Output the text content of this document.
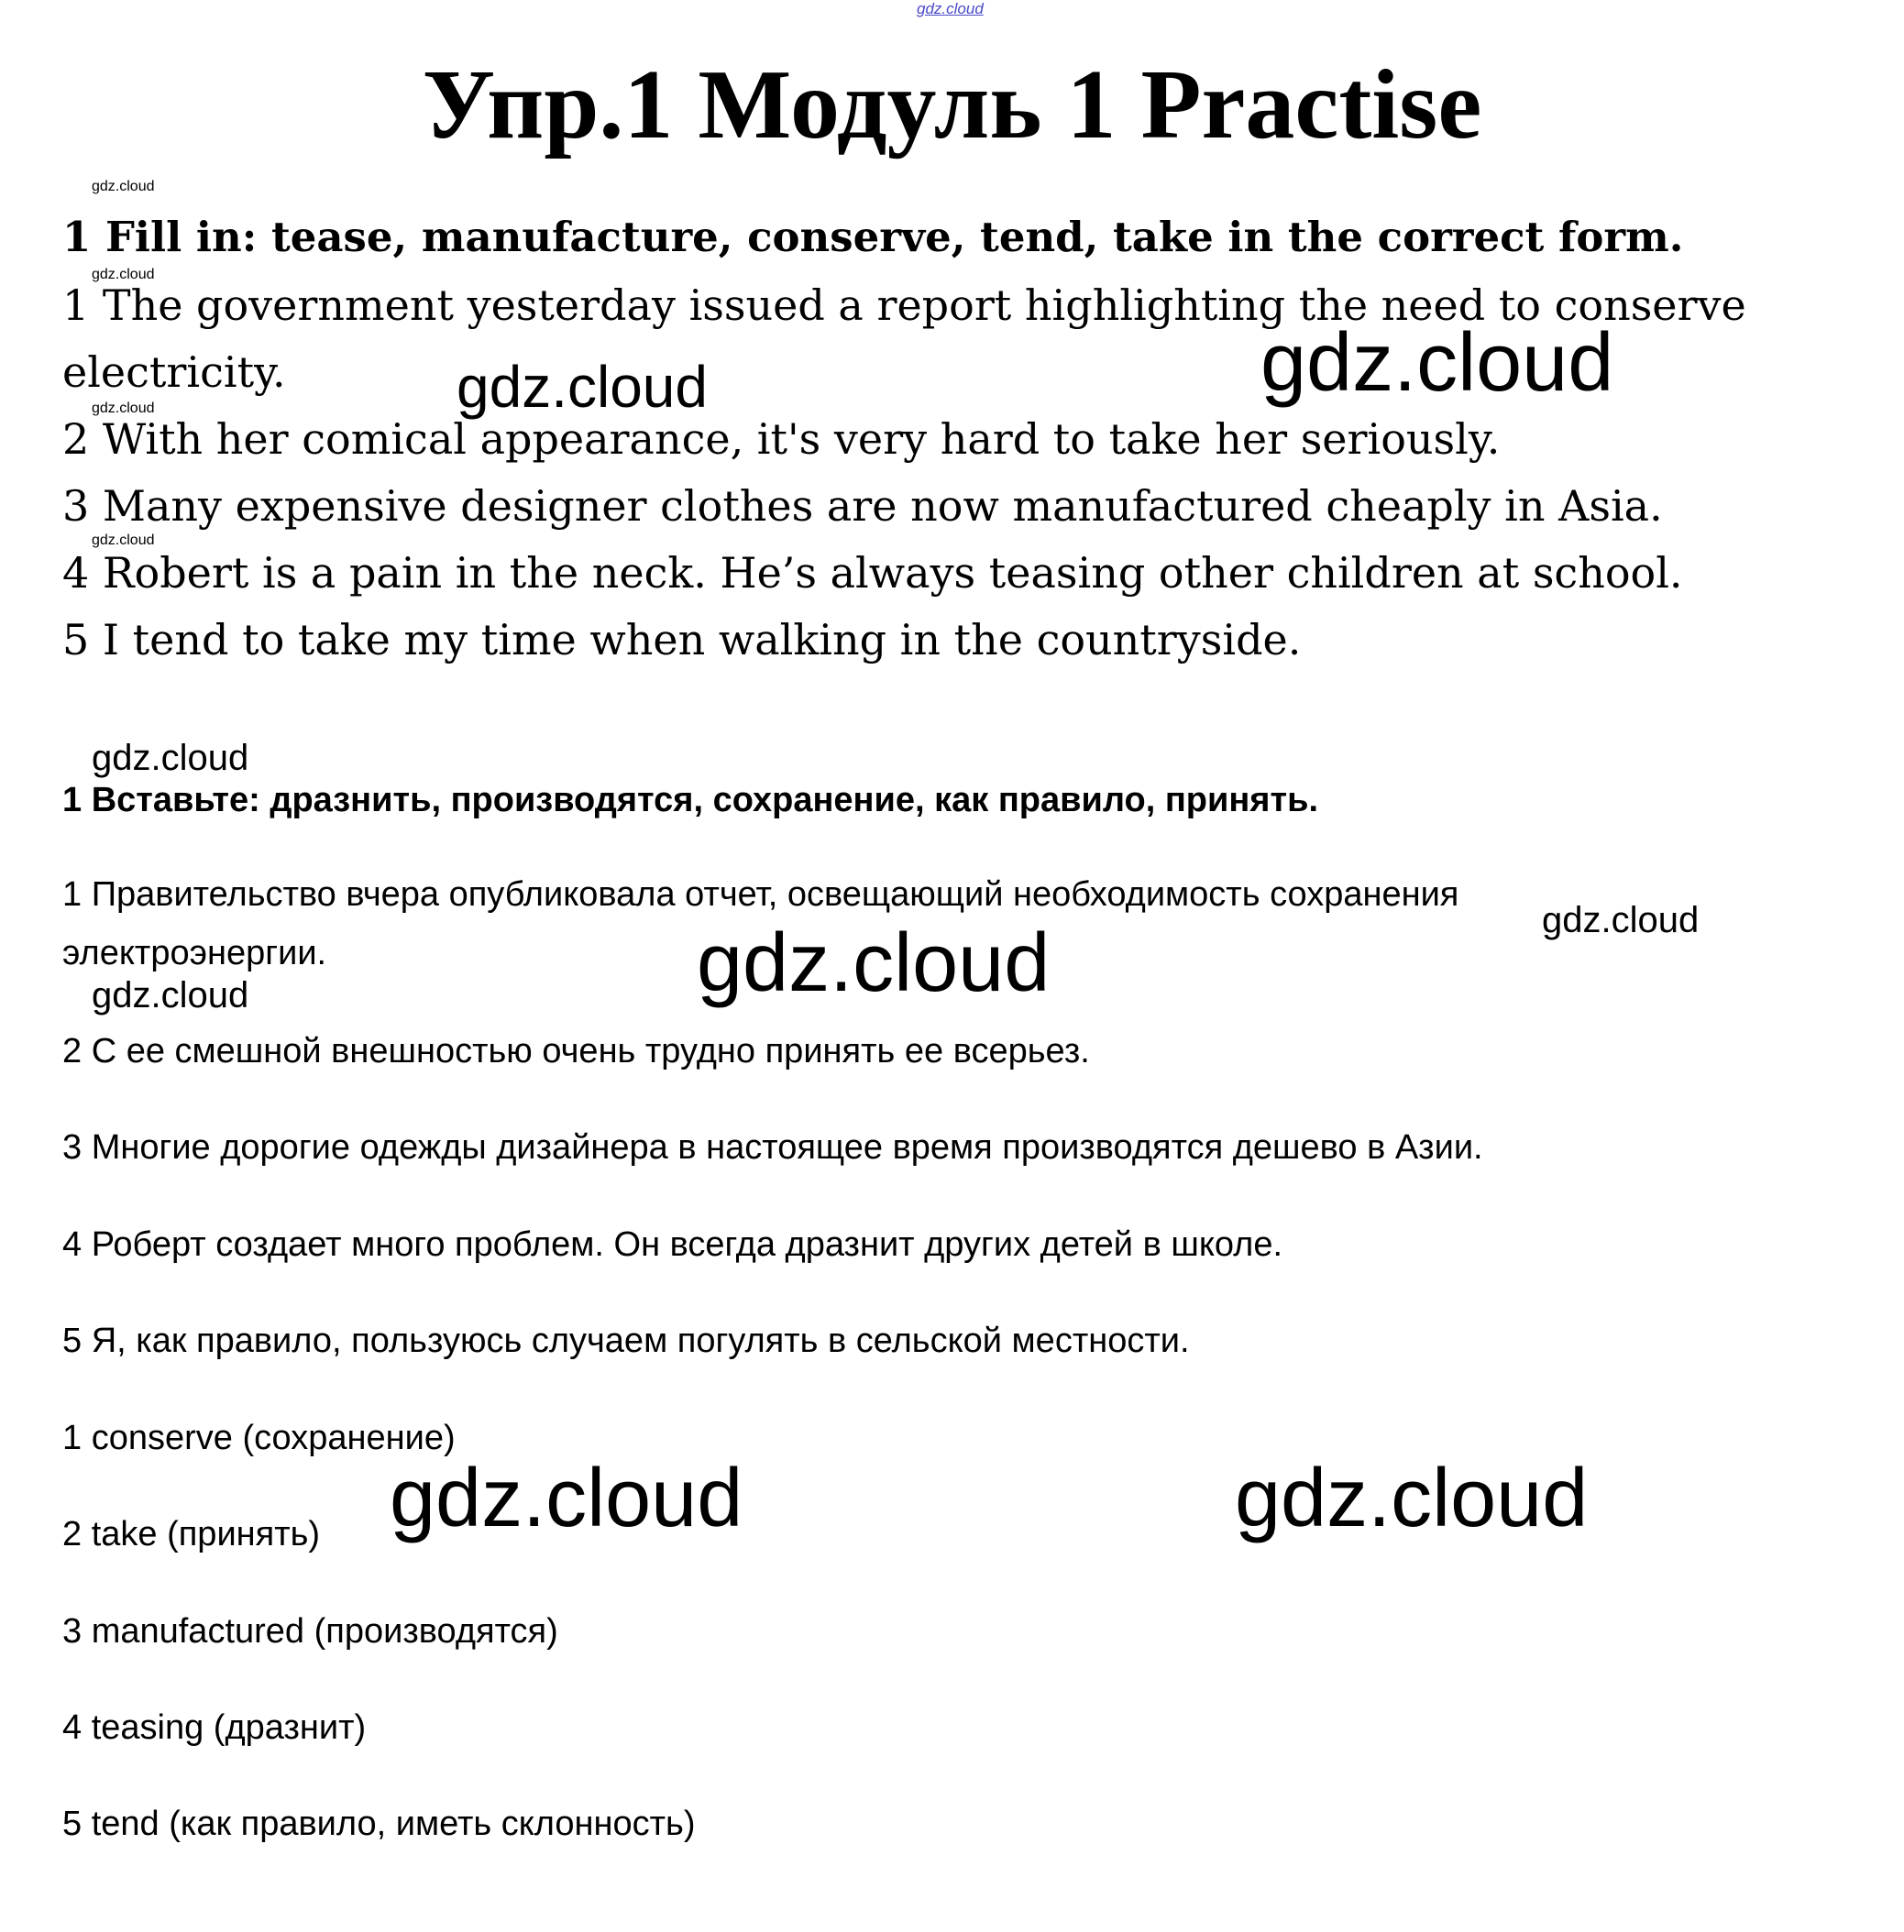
gdz.cloud
gdz.cloud
gdz.cloud
gdz.cloud
gdz.cloud
gdz.cloud	gdz.cloud
gdz.cloud
gdz.cloud
gdz.cloud	gdz.cloud
gdz.cloud	gdz.cloud
Упр.1 Модуль 1 Practise
1 Fill in: tease, manufacture, conserve, tend, take in the correct form.
1 The government yesterday issued a report highlighting the need to conserve
electricity.
2 With her comical appearance, it's very hard to take her seriously.
3 Many expensive designer clothes are now manufactured cheaply in Asia.
4 Robert is a pain in the neck. He’s always teasing other children at school.
5 I tend to take my time when walking in the countryside.
1 Вставьте: дразнить, производятся, сохранение, как правило, принять.
1 Правительство вчера опубликовала отчет, освещающий необходимость сохранения
электроэнергии.
2 С ее смешной внешностью очень трудно принять ее всерьез.
3 Многие дорогие одежды дизайнера в настоящее время производятся дешево в Азии.
4 Роберт создает много проблем. Он всегда дразнит других детей в школе.
5 Я, как правило, пользуюсь случаем погулять в сельской местности.
1 conserve (сохранение)
2 take (принять)
3 manufactured (производятся)
4 teasing (дразнит)
5 tend (как правило, иметь склонность)
